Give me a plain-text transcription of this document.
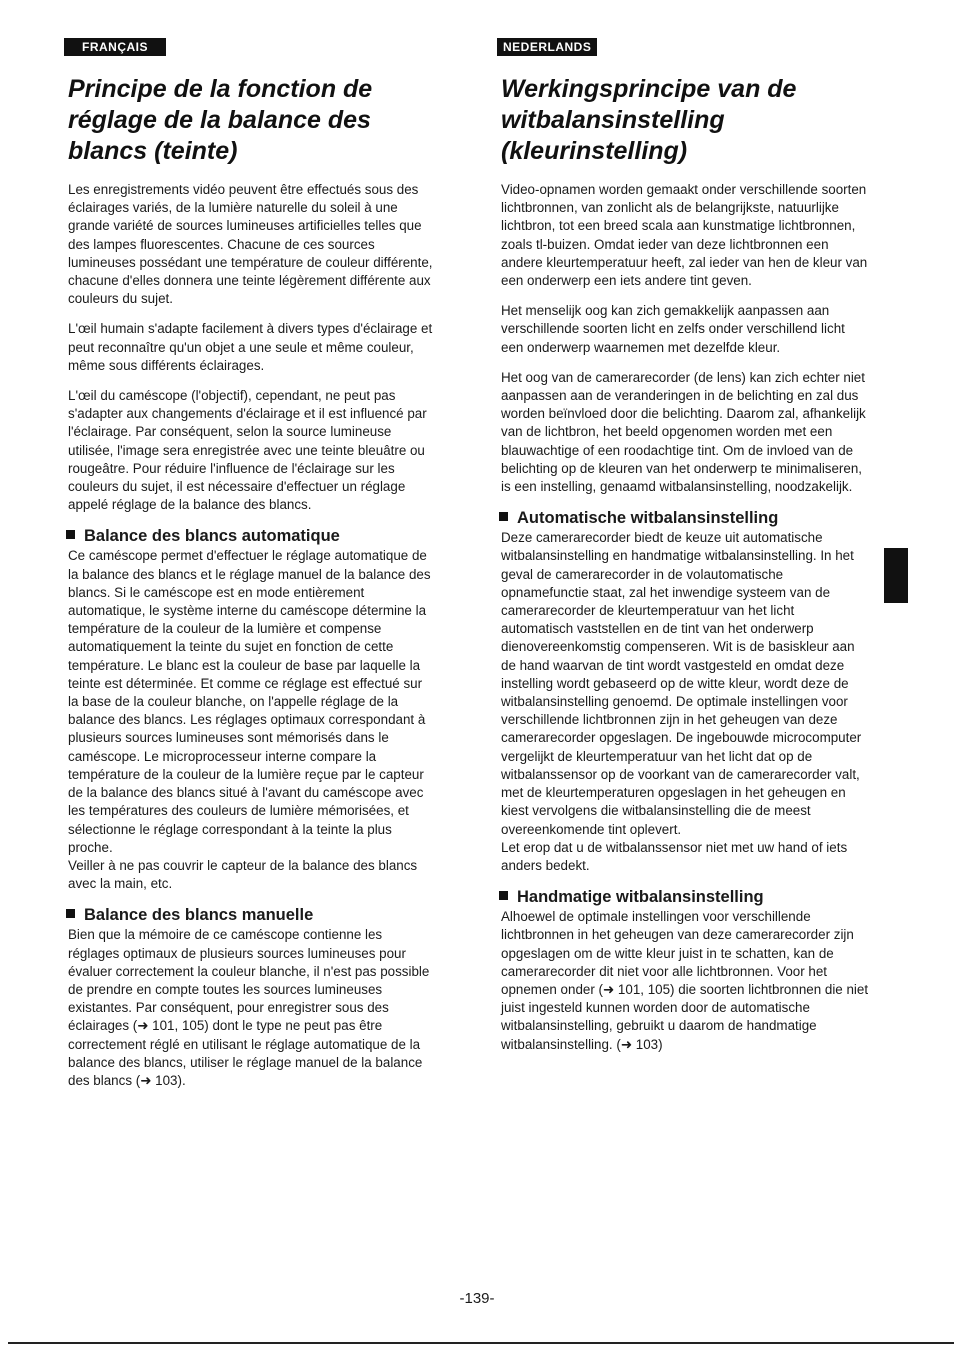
FRANÇAIS
Principe de la fonction de réglage de la balance des blancs (teinte)

Les enregistrements vidéo peuvent être effectués sous des éclairages variés, de la lumière naturelle du soleil à une grande variété de sources lumineuses artificielles telles que des lampes fluorescentes. Chacune de ces sources lumineuses possédant une température de couleur différente, chacune d'elles donnera une teinte légèrement différente aux couleurs du sujet.

L'œil humain s'adapte facilement à divers types d'éclairage et peut reconnaître qu'un objet a une seule et même couleur, même sous différents éclairages.

L'œil du caméscope (l'objectif), cependant, ne peut pas s'adapter aux changements d'éclairage et il est influencé par l'éclairage. Par conséquent, selon la source lumineuse utilisée, l'image sera enregistrée avec une teinte bleuâtre ou rougeâtre. Pour réduire l'influence de l'éclairage sur les couleurs du sujet, il est nécessaire d'effectuer un réglage appelé réglage de la balance des blancs.

Balance des blancs automatique

Ce caméscope permet d'effectuer le réglage automatique de la balance des blancs et le réglage manuel de la balance des blancs. Si le caméscope est en mode entièrement automatique, le système interne du caméscope détermine la température de la couleur de la lumière et compense automatiquement la teinte du sujet en fonction de cette température. Le blanc est la couleur de base par laquelle la teinte est déterminée. Et comme ce réglage est effectué sur la base de la couleur blanche, on l'appelle réglage de la balance des blancs. Les réglages optimaux correspondant à plusieurs sources lumineuses sont mémorisés dans le caméscope. Le microprocesseur interne compare la température de la couleur de la lumière reçue par le capteur de la balance des blancs situé à l'avant du caméscope avec les températures des couleurs de lumière mémorisées, et sélectionne le réglage correspondant à la teinte la plus proche.

Veiller à ne pas couvrir le capteur de la balance des blancs avec la main, etc.

Balance des blancs manuelle

Bien que la mémoire de ce caméscope contienne les réglages optimaux de plusieurs sources lumineuses pour évaluer correctement la couleur blanche, il n'est pas possible de prendre en compte toutes les sources lumineuses existantes. Par conséquent, pour enregistrer sous des éclairages (➜ 101, 105) dont le type ne peut pas être correctement réglé en utilisant le réglage automatique de la balance des blancs, utiliser le réglage manuel de la balance des blancs (➜ 103).

NEDERLANDS
Werkingsprincipe van de witbalansinstelling (kleurinstelling)

Video-opnamen worden gemaakt onder verschillende soorten lichtbronnen, van zonlicht als de belangrijkste, natuurlijke lichtbron, tot een breed scala aan kunstmatige lichtbronnen, zoals tl-buizen. Omdat ieder van deze lichtbronnen een andere kleurtemperatuur heeft, zal ieder van hen de kleur van een onderwerp een iets andere tint geven.

Het menselijk oog kan zich gemakkelijk aanpassen aan verschillende soorten licht en zelfs onder verschillend licht een onderwerp waarnemen met dezelfde kleur.

Het oog van de camerarecorder (de lens) kan zich echter niet aanpassen aan de veranderingen in de belichting en zal dus worden beïnvloed door die belichting. Daarom zal, afhankelijk van de lichtbron, het beeld opgenomen worden met een blauwachtige of een roodachtige tint. Om de invloed van de belichting op de kleuren van het onderwerp te minimaliseren, is een instelling, genaamd witbalansinstelling, noodzakelijk.

Automatische witbalansinstelling

Deze camerarecorder biedt de keuze uit automatische witbalansinstelling en handmatige witbalansinstelling. In het geval de camerarecorder in de volautomatische opnamefunctie staat, zal het inwendige systeem van de camerarecorder de kleurtemperatuur van het licht automatisch vaststellen en de tint van het onderwerp dienovereenkomstig compenseren. Wit is de basiskleur aan de hand waarvan de tint wordt vastgesteld en omdat deze instelling wordt gebaseerd op de witte kleur, wordt deze de witbalansinstelling genoemd. De optimale instellingen voor verschillende lichtbronnen zijn in het geheugen van deze camerarecorder opgeslagen. De ingebouwde microcomputer vergelijkt de kleurtemperatuur van het licht dat op de witbalanssensor op de voorkant van de camerarecorder valt, met de kleurtemperaturen opgeslagen in het geheugen en kiest vervolgens die witbalansinstelling die de meest overeenkomende tint oplevert.

Let erop dat u de witbalanssensor niet met uw hand of iets anders bedekt.

Handmatige witbalansinstelling

Alhoewel de optimale instellingen voor verschillende lichtbronnen in het geheugen van deze camerarecorder zijn opgeslagen om de witte kleur juist in te schatten, kan de camerarecorder dit niet voor alle lichtbronnen. Voor het opnemen onder (➜ 101, 105) die soorten lichtbronnen die niet juist ingesteld kunnen worden door de automatische witbalansinstelling, gebruikt u daarom de handmatige witbalansinstelling. (➜ 103)

-139-
